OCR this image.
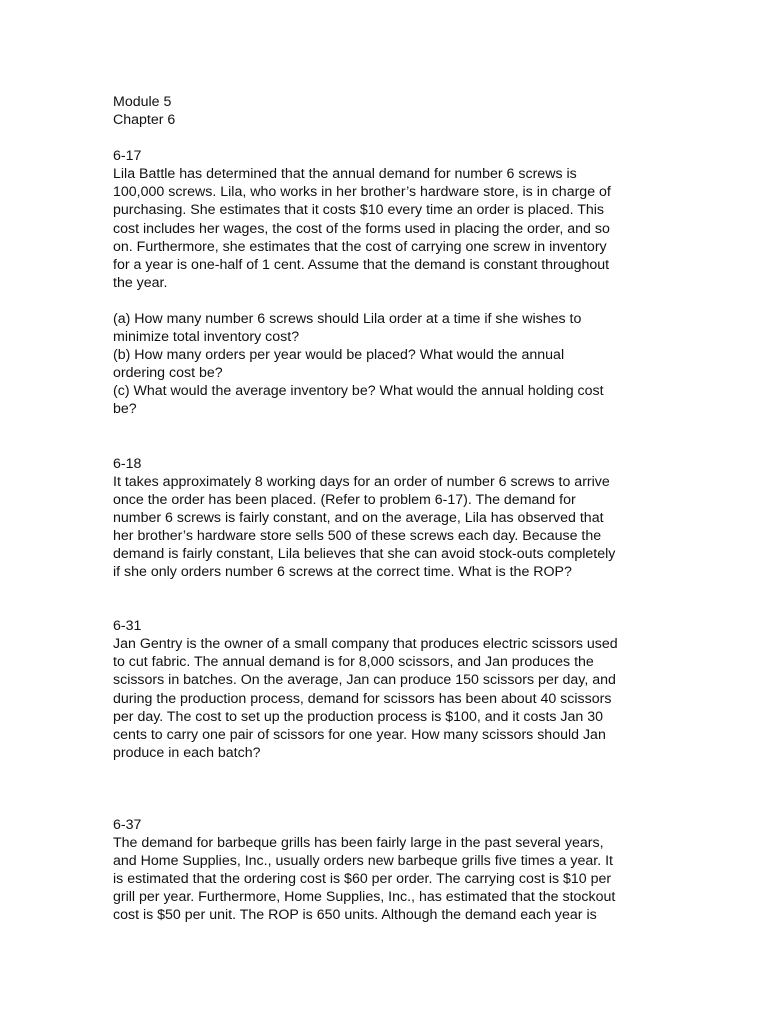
Module 5
Chapter 6
6-17
Lila Battle has determined that the annual demand for number 6 screws is
100,000 screws. Lila, who works in her brother’s hardware store, is in charge of
purchasing. She estimates that it costs $10 every time an order is placed. This
cost includes her wages, the cost of the forms used in placing the order, and so
on. Furthermore, she estimates that the cost of carrying one screw in inventory
for a year is one-half of 1 cent. Assume that the demand is constant throughout
the year.
(a) How many number 6 screws should Lila order at a time if she wishes to
minimize total inventory cost?
(b) How many orders per year would be placed? What would the annual
ordering cost be?
(c) What would the average inventory be? What would the annual holding cost
be?
6-18
It takes approximately 8 working days for an order of number 6 screws to arrive
once the order has been placed. (Refer to problem 6-17). The demand for
number 6 screws is fairly constant, and on the average, Lila has observed that
her brother’s hardware store sells 500 of these screws each day. Because the
demand is fairly constant, Lila believes that she can avoid stock-outs completely
if she only orders number 6 screws at the correct time. What is the ROP?
6-31
Jan Gentry is the owner of a small company that produces electric scissors used
to cut fabric. The annual demand is for 8,000 scissors, and Jan produces the
scissors in batches. On the average, Jan can produce 150 scissors per day, and
during the production process, demand for scissors has been about 40 scissors
per day. The cost to set up the production process is $100, and it costs Jan 30
cents to carry one pair of scissors for one year. How many scissors should Jan
produce in each batch?
6-37
The demand for barbeque grills has been fairly large in the past several years,
and Home Supplies, Inc., usually orders new barbeque grills five times a year. It
is estimated that the ordering cost is $60 per order. The carrying cost is $10 per
grill per year. Furthermore, Home Supplies, Inc., has estimated that the stockout
cost is $50 per unit. The ROP is 650 units. Although the demand each year is
